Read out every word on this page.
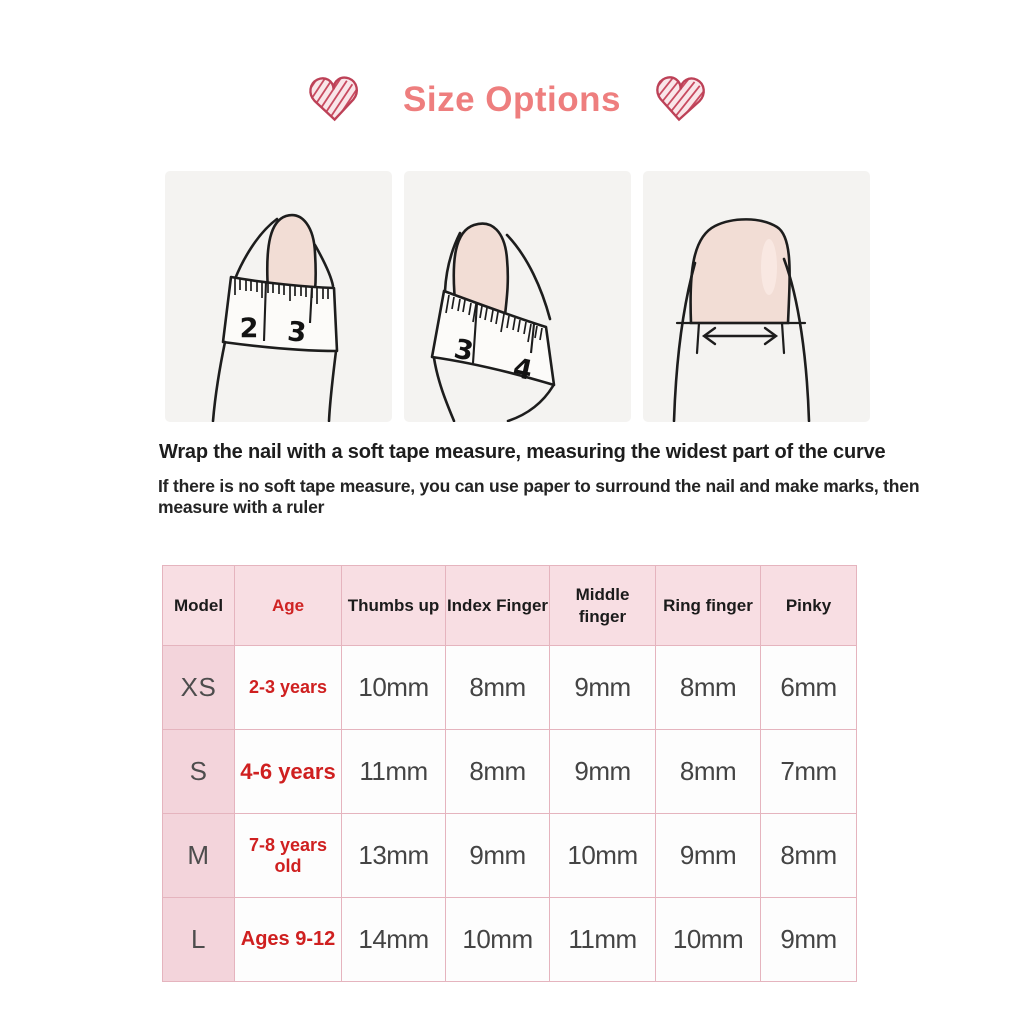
Size Options
2 3
3
4
Wrap the nail with a soft tape measure, measuring the widest part of the curve
If there is no soft tape measure, you can use paper to surround the nail and make marks, then measure with a ruler
Model	Age	Thumbs up	Index Finger	Middle finger	Ring finger	Pinky
XS	2-3 years	10mm	8mm	9mm	8mm	6mm
S	4-6 years	11mm	8mm	9mm	8mm	7mm
M	7-8 years old	13mm	9mm	10mm	9mm	8mm
L	Ages 9-12	14mm	10mm	11mm	10mm	9mm
